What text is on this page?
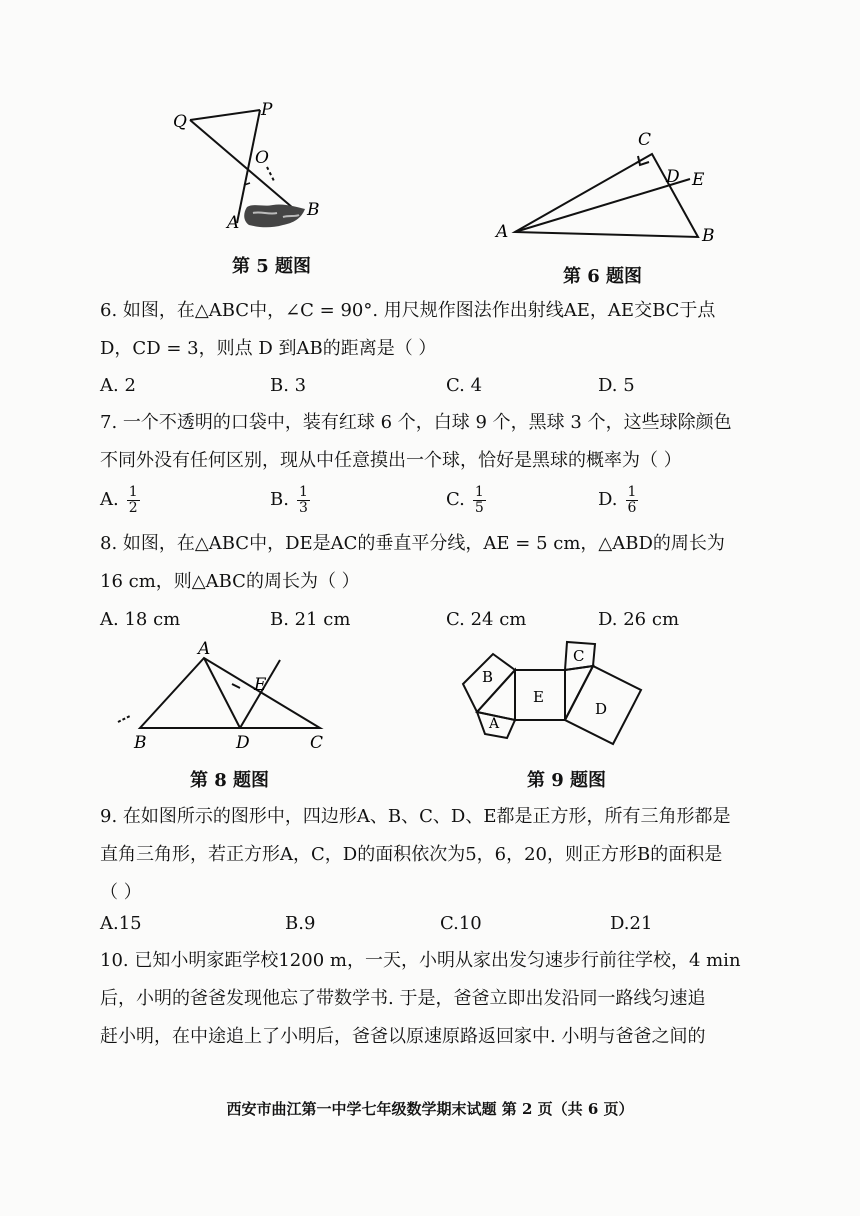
Q
P
O
A
B
第 5 题图
A	B
C
D E
第 6 题图
6. 如图，在△ABC中，∠C = 90°. 用尺规作图法作出射线AE，AE交BC于点
D，CD = 3，则点 D 到AB的距离是（ ）
A. 2	B. 3	C. 4	D. 5
7. 一个不透明的口袋中，装有红球 6 个，白球 9 个，黑球 3 个，这些球除颜色
不同外没有任何区别，现从中任意摸出一个球，恰好是黑球的概率为（ ）
A. $\frac{1}{2}$	B. $\frac{1}{3}$	C. $\frac{1}{5}$	D. $\frac{1}{6}$
8. 如图，在△ABC中，DE是AC的垂直平分线，AE = 5 cm，△ABD的周长为
16 cm，则△ABC的周长为（ ）
A. 18 cm	B. 21 cm	C. 24 cm	D. 26 cm
A
B	C
D
E
第 8 题图
B
E
C
D
A
第 9 题图
9. 在如图所示的图形中，四边形A、B、C、D、E都是正方形，所有三角形都是
直角三角形，若正方形A，C，D的面积依次为5，6，20，则正方形B的面积是
（ ）
A.15	B.9	C.10	D.21
10. 已知小明家距学校1200 m，一天，小明从家出发匀速步行前往学校，4 min
后，小明的爸爸发现他忘了带数学书. 于是，爸爸立即出发沿同一路线匀速追
赶小明，在中途追上了小明后，爸爸以原速原路返回家中. 小明与爸爸之间的
西安市曲江第一中学七年级数学期末试题 第 2 页（共 6 页）
